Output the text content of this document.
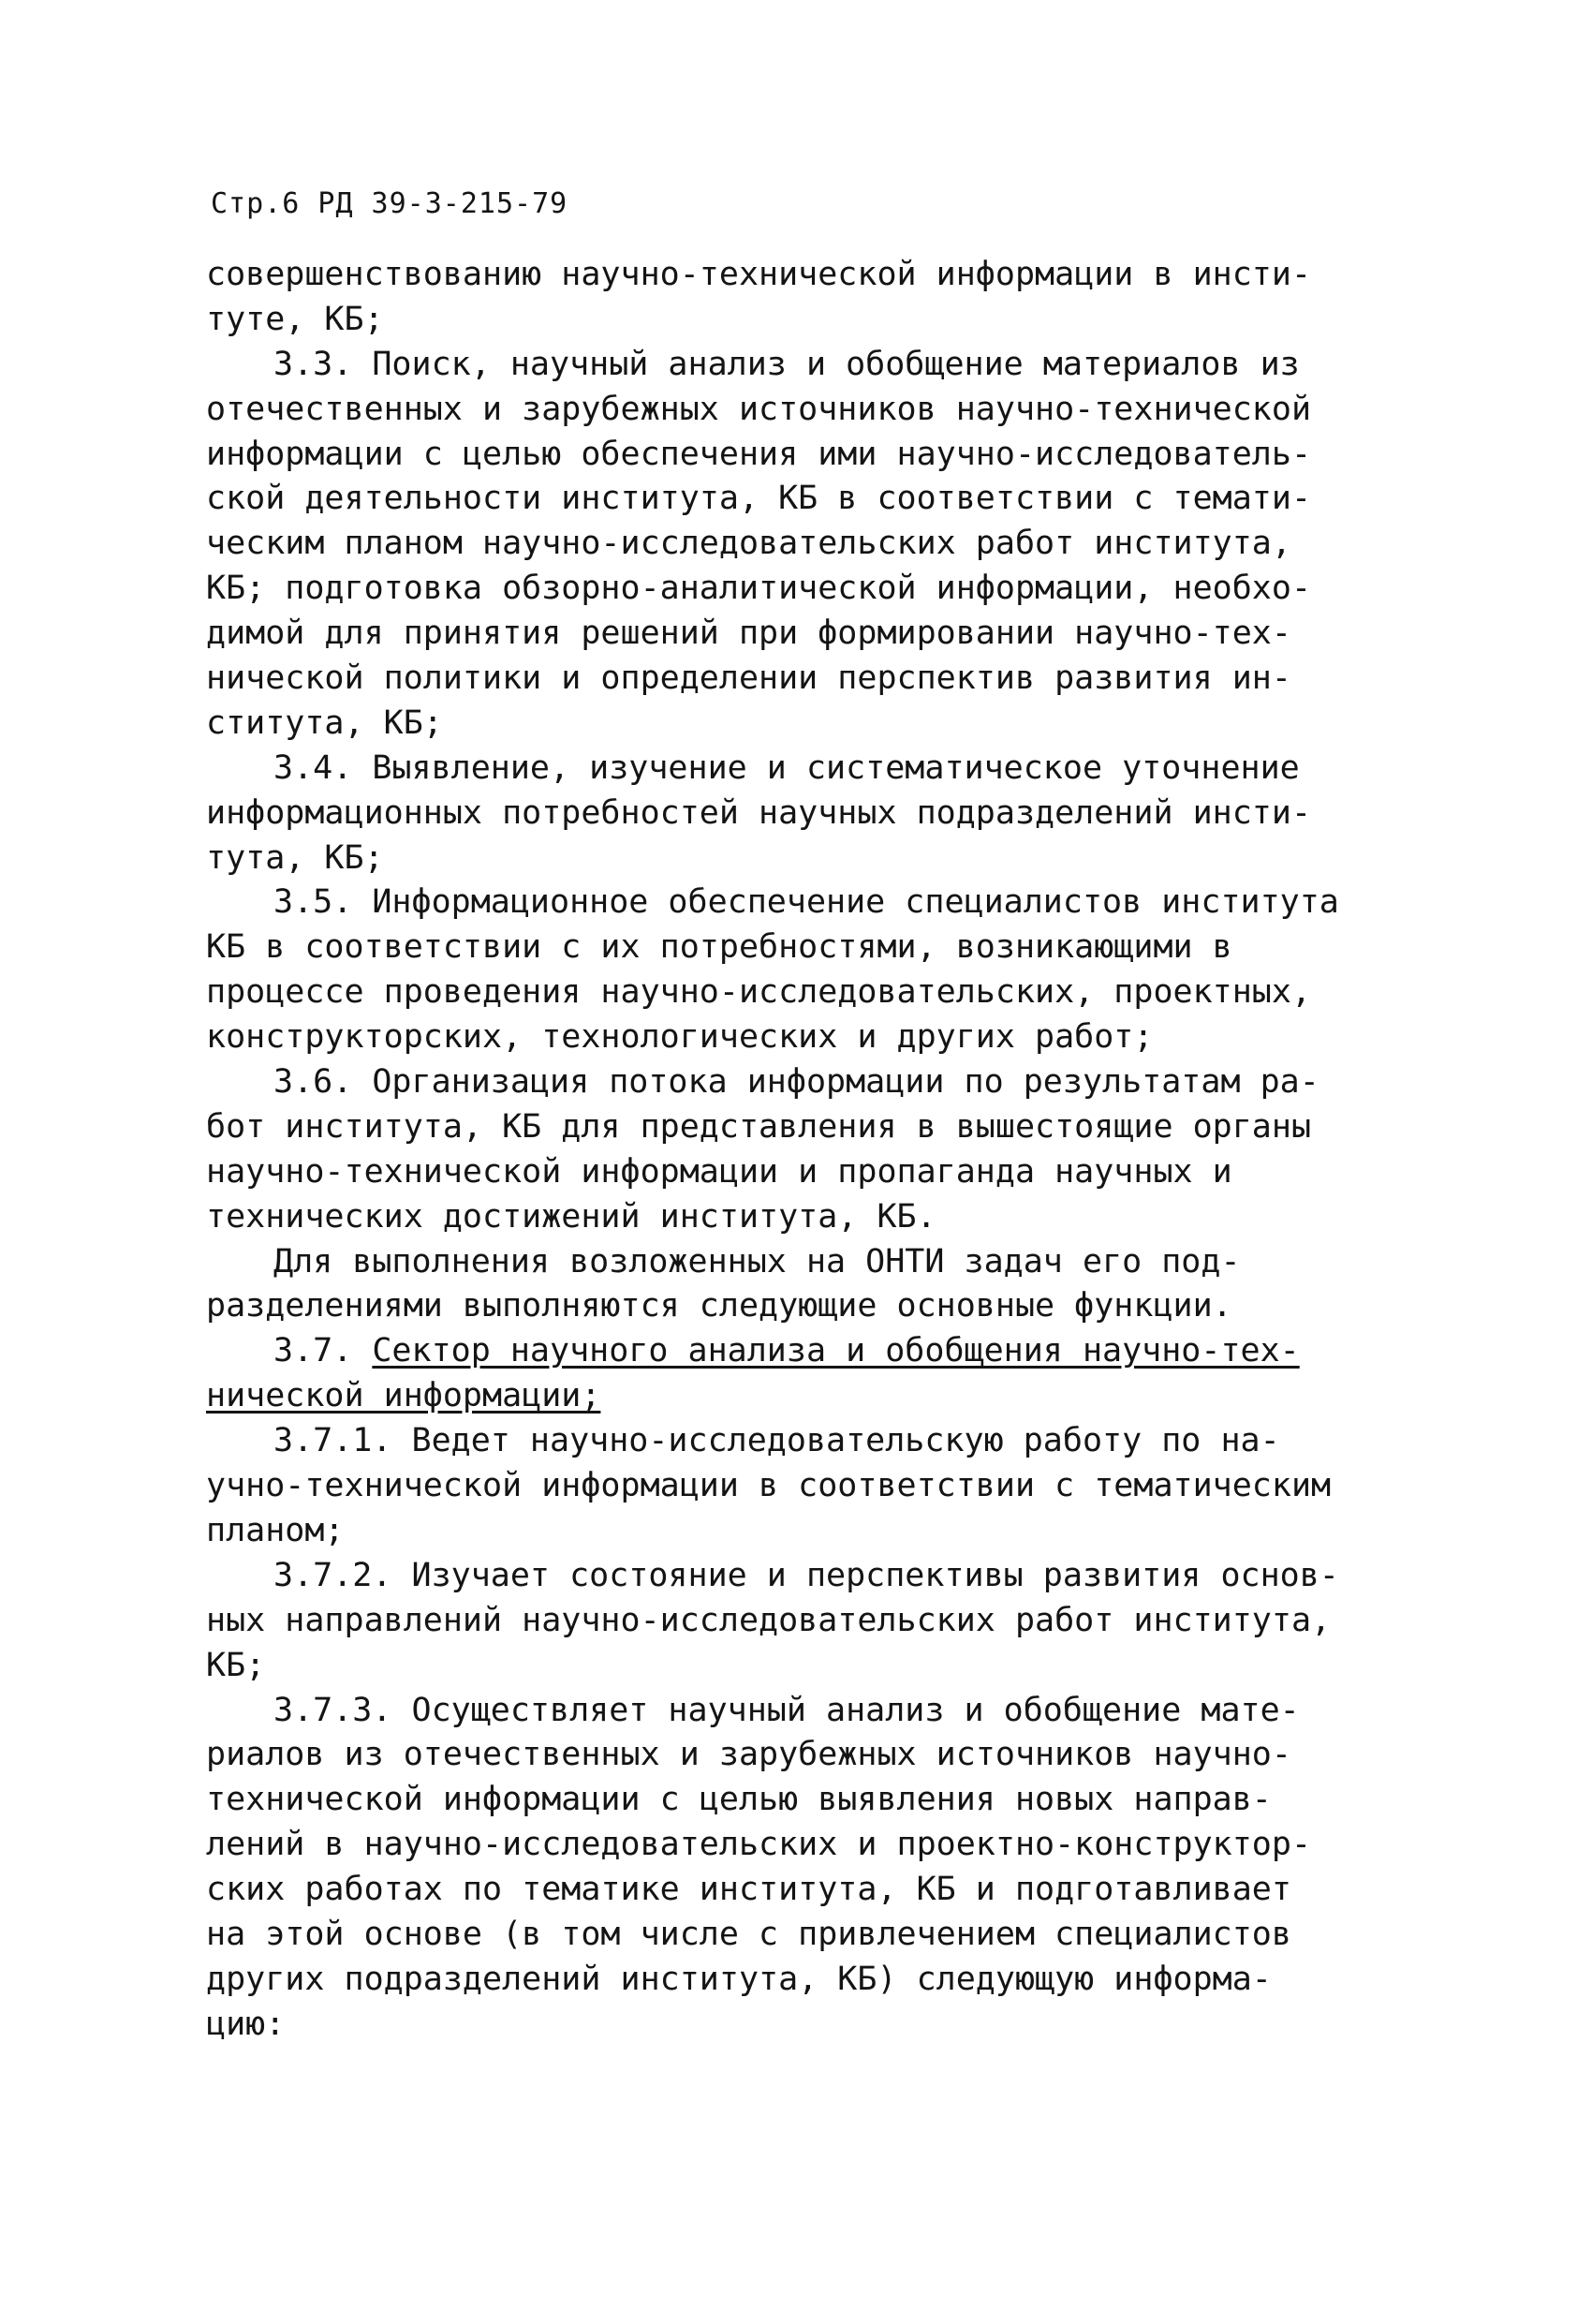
Стр.6 РД 39-3-215-79
совершенствованию научно-технической информации в инсти-
туте, КБ;
3.3. Поиск, научный анализ и обобщение материалов из
отечественных и зарубежных источников научно-технической
информации с целью обеспечения ими научно-исследователь-
ской деятельности института, КБ в соответствии с темати-
ческим планом научно-исследовательских работ института,
КБ; подготовка обзорно-аналитической информации, необхо-
димой для принятия решений при формировании научно-тех-
нической политики и определении перспектив развития ин-
ститута, КБ;
3.4. Выявление, изучение и систематическое уточнение
информационных потребностей научных подразделений инсти-
тута, КБ;
3.5. Информационное обеспечение специалистов института
КБ в соответствии с их потребностями, возникающими в
процессе проведения научно-исследовательских, проектных,
конструкторских, технологических и других работ;
3.6. Организация потока информации по результатам ра-
бот института, КБ для представления в вышестоящие органы
научно-технической информации и пропаганда научных и
технических достижений института, КБ.
Для выполнения возложенных на ОНТИ задач его под-
разделениями выполняются следующие основные функции.
3.7. Сектор научного анализа и обобщения научно-тех-
нической информации;
3.7.1. Ведет научно-исследовательскую работу по на-
учно-технической информации в соответствии с тематическим
планом;
3.7.2. Изучает состояние и перспективы развития основ-
ных направлений научно-исследовательских работ института,
КБ;
3.7.3. Осуществляет научный анализ и обобщение мате-
риалов из отечественных и зарубежных источников научно-
технической информации с целью выявления новых направ-
лений в научно-исследовательских и проектно-конструктор-
ских работах по тематике института, КБ и подготавливает
на этой основе (в том числе с привлечением специалистов
других подразделений института, КБ) следующую информа-
цию:
